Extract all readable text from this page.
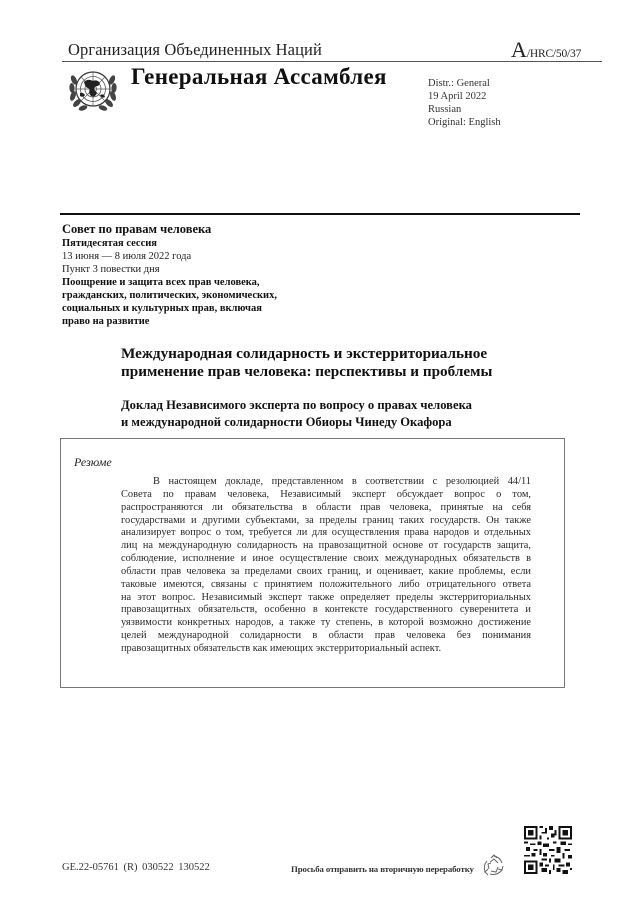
Организация Объединенных Наций	A/HRC/50/37
Генеральная Ассамблея	Distr.: General
19 April 2022
Russian
Original: English
Совет по правам человека
Пятидесятая сессия
13 июня — 8 июля 2022 года
Пункт 3 повестки дня
Поощрение и защита всех прав человека,
гражданских, политических, экономических,
социальных и культурных прав, включая
право на развитие
Международная солидарность и экстерриториальное
применение прав человека: перспективы и проблемы
Доклад Независимого эксперта по вопросу о правах человека
и международной солидарности Обиоры Чинеду Окафора
Резюме
В настоящем докладе, представленном в соответствии с резолюцией 44/11
Совета по правам человека, Независимый эксперт обсуждает вопрос о том,
распространяются ли обязательства в области прав человека, принятые на себя
государствами и другими субъектами, за пределы границ таких государств. Он также
анализирует вопрос о том, требуется ли для осуществления права народов и отдельных
лиц на международную солидарность на правозащитной основе от государств защита,
соблюдение, исполнение и иное осуществление своих международных обязательств в
области прав человека за пределами своих границ, и оценивает, какие проблемы, если
таковые имеются, связаны с принятием положительного либо отрицательного ответа
на этот вопрос. Независимый эксперт также определяет пределы экстерриториальных
правозащитных обязательств, особенно в контексте государственного суверенитета и
уязвимости конкретных народов, а также ту степень, в которой возможно достижение
целей международной солидарности в области прав человека без понимания
правозащитных обязательств как имеющих экстерриториальный аспект.
GE.22-05761 (R) 030522 130522	Просьба отправить на вторичную переработку
